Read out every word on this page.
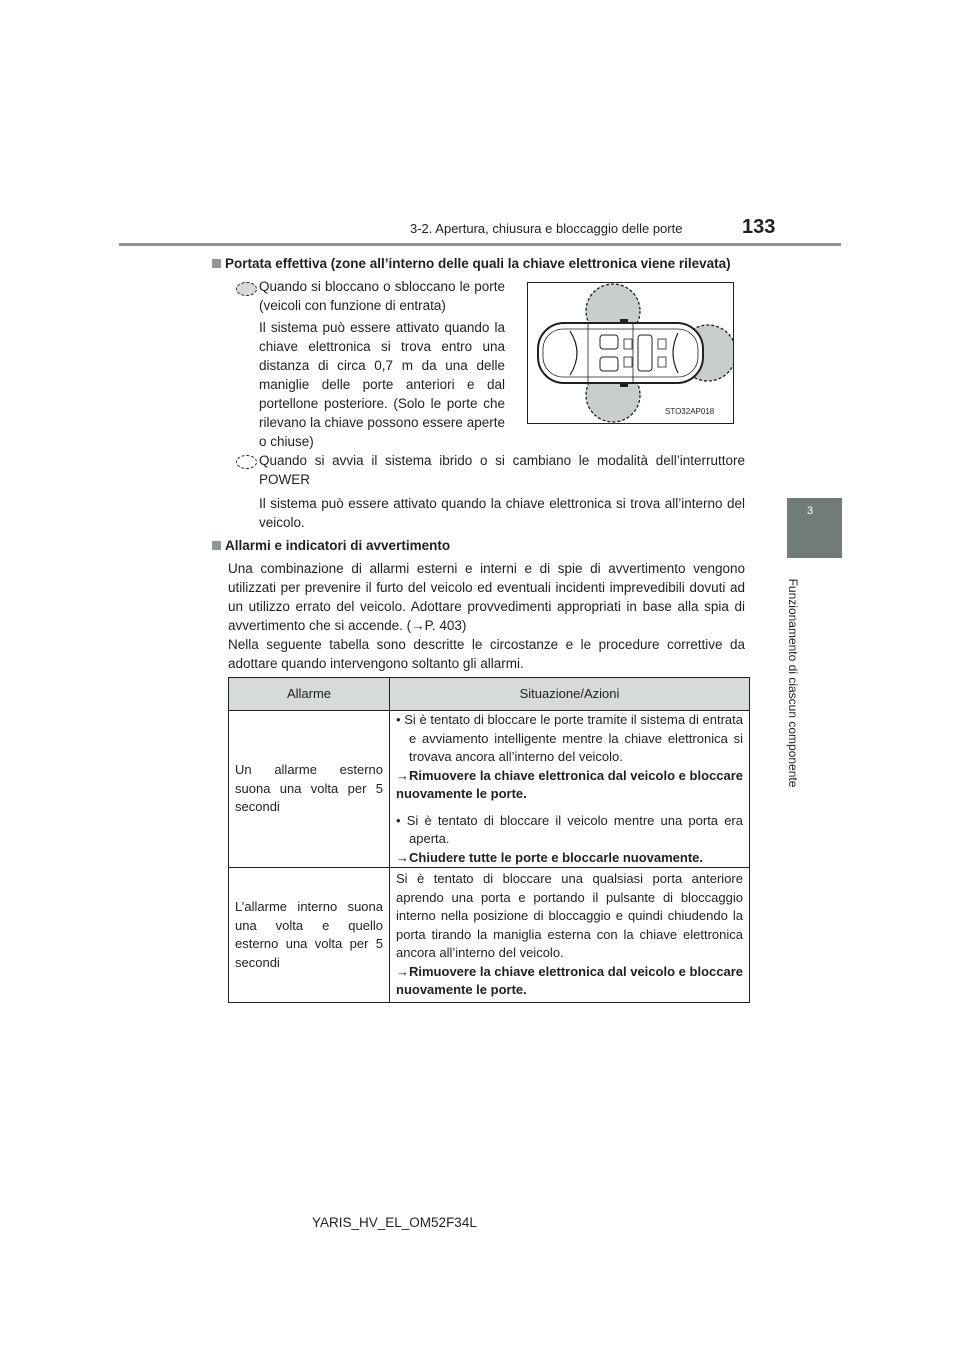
3-2. Apertura, chiusura e bloccaggio delle porte	133
3
Funzionamento di ciascun componente
Portata effettiva (zone all’interno delle quali la chiave elettronica viene rilevata)
Quando si bloccano o sbloccano le porte (veicoli con funzione di entrata)
Il sistema può essere attivato quando la chiave elettronica si trova entro una distanza di circa 0,7 m da una delle maniglie delle porte anteriori e dal portellone posteriore. (Solo le porte che rilevano la chiave possono essere aperte o chiuse)
STO32AP018
Quando si avvia il sistema ibrido o si cambiano le modalità dell’interruttore POWER
Il sistema può essere attivato quando la chiave elettronica si trova all’interno del veicolo.
Allarmi e indicatori di avvertimento
Una combinazione di allarmi esterni e interni e di spie di avvertimento vengono utilizzati per prevenire il furto del veicolo ed eventuali incidenti imprevedibili dovuti ad un utilizzo errato del veicolo. Adottare provvedimenti appropriati in base alla spia di avvertimento che si accende. (→P. 403)
Nella seguente tabella sono descritte le circostanze e le procedure correttive da adottare quando intervengono soltanto gli allarmi.
Allarme	Situazione/Azioni
Un allarme esterno suona una volta per 5 secondi	• Si è tentato di bloccare le porte tramite il sistema di entrata e avviamento intelligente mentre la chiave elettronica si trovava ancora all’interno del veicolo.
→Rimuovere la chiave elettronica dal veicolo e bloccare nuovamente le porte.
• Si è tentato di bloccare il veicolo mentre una porta era aperta.
→Chiudere tutte le porte e bloccarle nuovamente.

L’allarme interno suona una volta e quello esterno una volta per 5 secondi	Si è tentato di bloccare una qualsiasi porta anteriore aprendo una porta e portando il pulsante di bloccaggio interno nella posizione di bloccaggio e quindi chiudendo la porta tirando la maniglia esterna con la chiave elettronica ancora all’interno del veicolo.
→Rimuovere la chiave elettronica dal veicolo e bloccare nuovamente le porte.
YARIS_HV_EL_OM52F34L
